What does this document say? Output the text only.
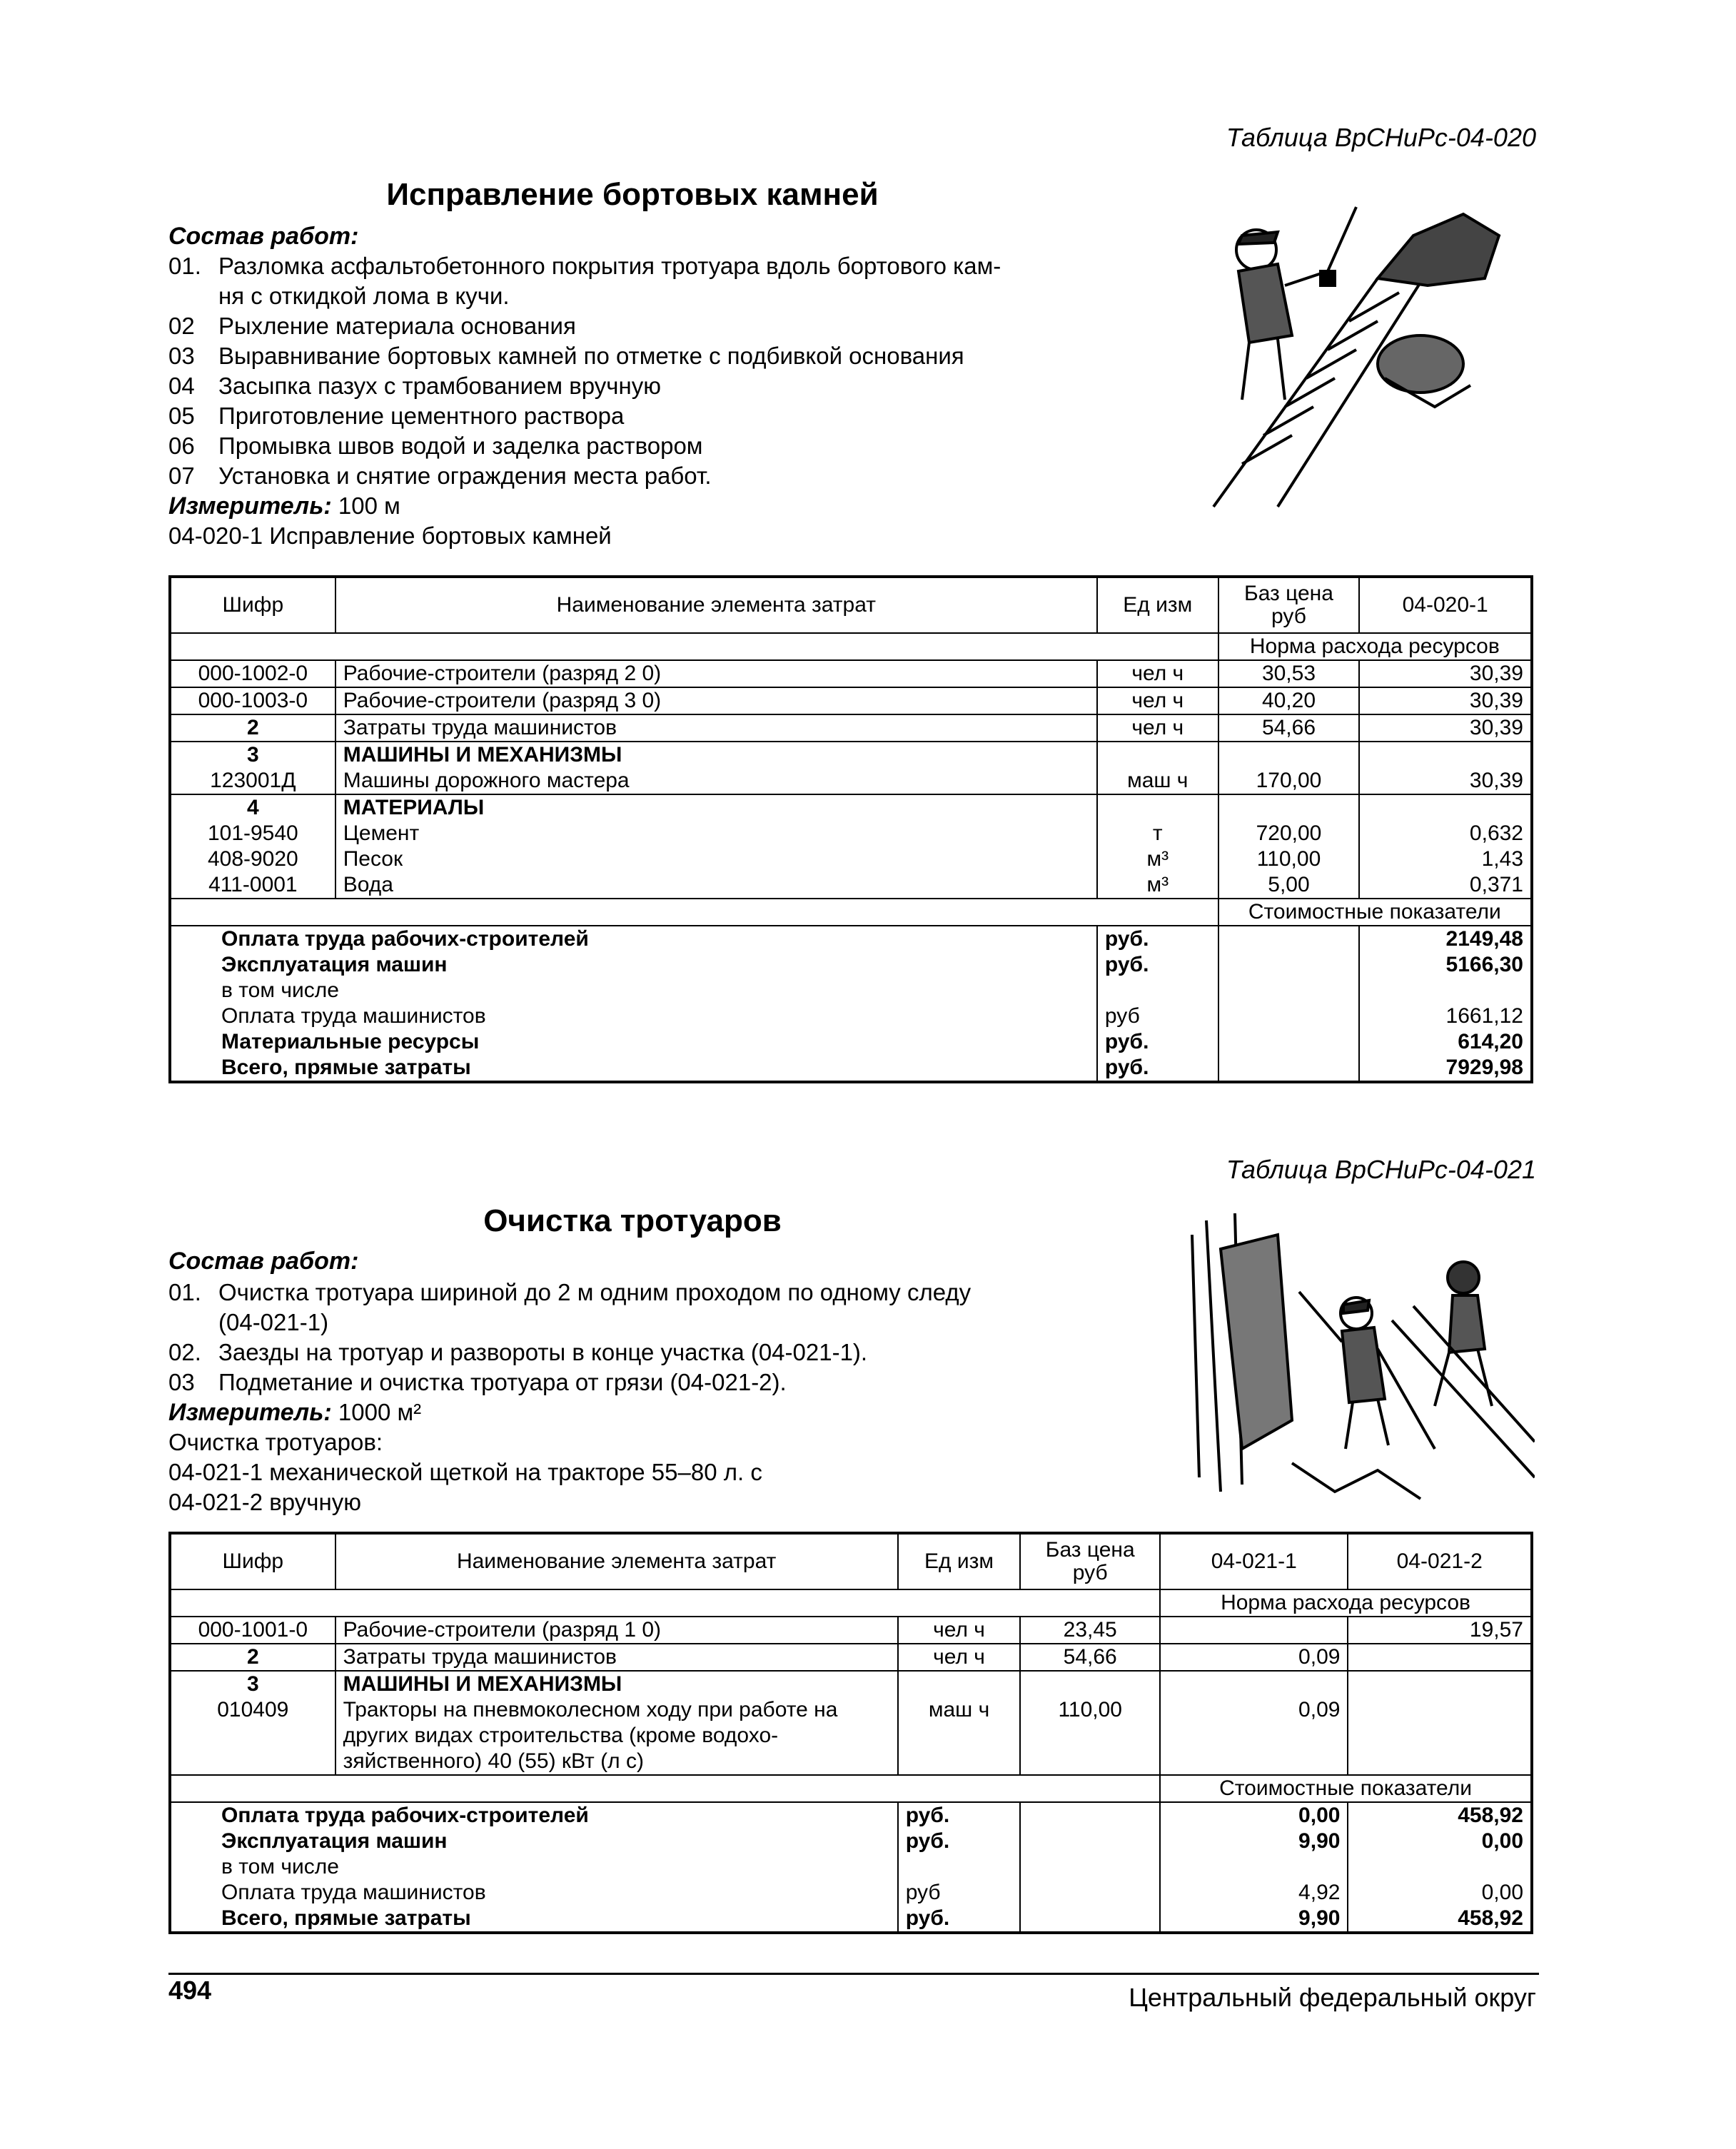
Таблица ВрСНиРс-04-020
Исправление бортовых камней
Состав работ:
01. Разломка асфальтобетонного покрытия тротуара вдоль бортового кам-
ня с откидкой лома в кучи.
02	Рыхление материала основания
03	Выравнивание бортовых камней по отметке с подбивкой основания
04	Засыпка пазух с трамбованием вручную
05	Приготовление цементного раствора
06	Промывка швов водой и заделка раствором
07	Установка и снятие ограждения места работ.
Измеритель: 100 м
04-020-1 Исправление бортовых камней
Шифр	Наименование элемента затрат	Ед изм	Баз цена руб	04-020-1
			Норма расхода ресурсов	
000-1002-0	Рабочие-строители (разряд 2 0)	чел ч	30,53	30,39
000-1003-0	Рабочие-строители (разряд 3 0)	чел ч	40,20	30,39
2	Затраты труда машинистов	чел ч	54,66	30,39
3	МАШИНЫ И МЕХАНИЗМЫ			
123001Д	Машины дорожного мастера	маш ч	170,00	30,39
4	МАТЕРИАЛЫ			
101-9540	Цемент	т	720,00	0,632
408-9020	Песок	м³	110,00	1,43
411-0001	Вода	м³	5,00	0,371
			Стоимостные показатели	
Оплата труда рабочих-строителей		руб.		2149,48
Эксплуатация машин		руб.		5166,30
в том числе				
Оплата труда машинистов		руб		1661,12
Материальные ресурсы		руб.		614,20
Всего, прямые затраты		руб.		7929,98
Таблица ВрСНиРс-04-021
Очистка тротуаров
Состав работ:
01. Очистка тротуара шириной до 2 м одним проходом по одному следу
(04-021-1)
02. Заезды на тротуар и развороты в конце участка (04-021-1).
03	Подметание и очистка тротуара от грязи (04-021-2).
Измеритель: 1000 м²
Очистка тротуаров:
04-021-1 механической щеткой на тракторе 55–80 л. с
04-021-2 вручную
Шифр	Наименование элемента затрат	Ед изм	Баз цена руб	04-021-1	04-021-2
				Норма расхода ресурсов	
000-1001-0	Рабочие-строители (разряд 1 0)	чел ч	23,45		19,57
2	Затраты труда машинистов	чел ч	54,66	0,09	
3	МАШИНЫ И МЕХАНИЗМЫ				
010409	Тракторы на пневмоколесном ходу при работе на других видах строительства (кроме водохо-зяйственного) 40 (55) кВт (л с)	маш ч	110,00	0,09	
				Стоимостные показатели	
Оплата труда рабочих-строителей		руб.		0,00	458,92
Эксплуатация машин		руб.		9,90	0,00
в том числе					
Оплата труда машинистов		руб		4,92	0,00
Всего, прямые затраты		руб.		9,90	458,92
494	Центральный федеральный округ
